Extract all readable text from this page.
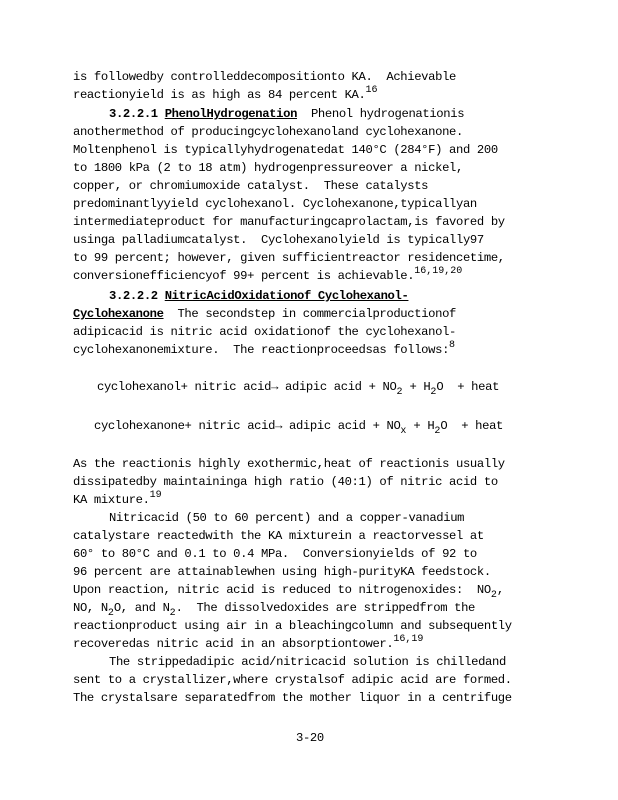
is followedby controlleddecompositionto KA.  Achievable
reactionyield is as high as 84 percent KA.$^{16}$
3.2.2.1 PhenolHydrogenation  Phenol hydrogenationis
anothermethod of producingcyclohexanoland cyclohexanone.
Moltenphenol is typicallyhydrogenatedat 140°C (284°F) and 200
to 1800 kPa (2 to 18 atm) hydrogenpressureover a nickel,
copper, or chromiumoxide catalyst.  These catalysts
predominantlyyield cyclohexanol. Cyclohexanone,typicallyan
intermediateproduct for manufacturingcaprolactam,is favored by
usinga palladiumcatalyst.  Cyclohexanolyield is typically97
to 99 percent; however, given sufficientreactor residencetime,
conversionefficiencyof 99+ percent is achievable.$^{16,19,20}$
3.2.2.2 NitricAcidOxidationof Cyclohexanol-
Cyclohexanone  The secondstep in commercialproductionof
adipicacid is nitric acid oxidationof the cyclohexanol-
cyclohexanonemixture.  The reactionproceedsas follows:$^8$
cyclohexanol+ nitric acid→ adipic acid + $NO_2 + H_2O$  + heat
cyclohexanone+ nitric acid→ adipic acid + $NO_x + H_2O$  + heat
As the reactionis highly exothermic,heat of reactionis usually
dissipatedby maintaininga high ratio (40:1) of nitric acid to
KA mixture.$^{19}$
Nitricacid (50 to 60 percent) and a copper-vanadium
catalystare reactedwith the KA mixturein a reactorvessel at
60° to 80°C and 0.1 to 0.4 MPa.  Conversionyields of 92 to
96 percent are attainablewhen using high-purityKA feedstock.
Upon reaction, nitric acid is reduced to nitrogenoxides:  $NO_2$,
NO, $N_2O$, and $N_2$.  The dissolvedoxides are strippedfrom the
reactionproduct using air in a bleachingcolumn and subsequently
recoveredas nitric acid in an absorptiontower.$^{16,19}$
The strippedadipic acid/nitricacid solution is chilledand
sent to a crystallizer,where crystalsof adipic acid are formed.
The crystalsare separatedfrom the mother liquor in a centrifuge
3-20
